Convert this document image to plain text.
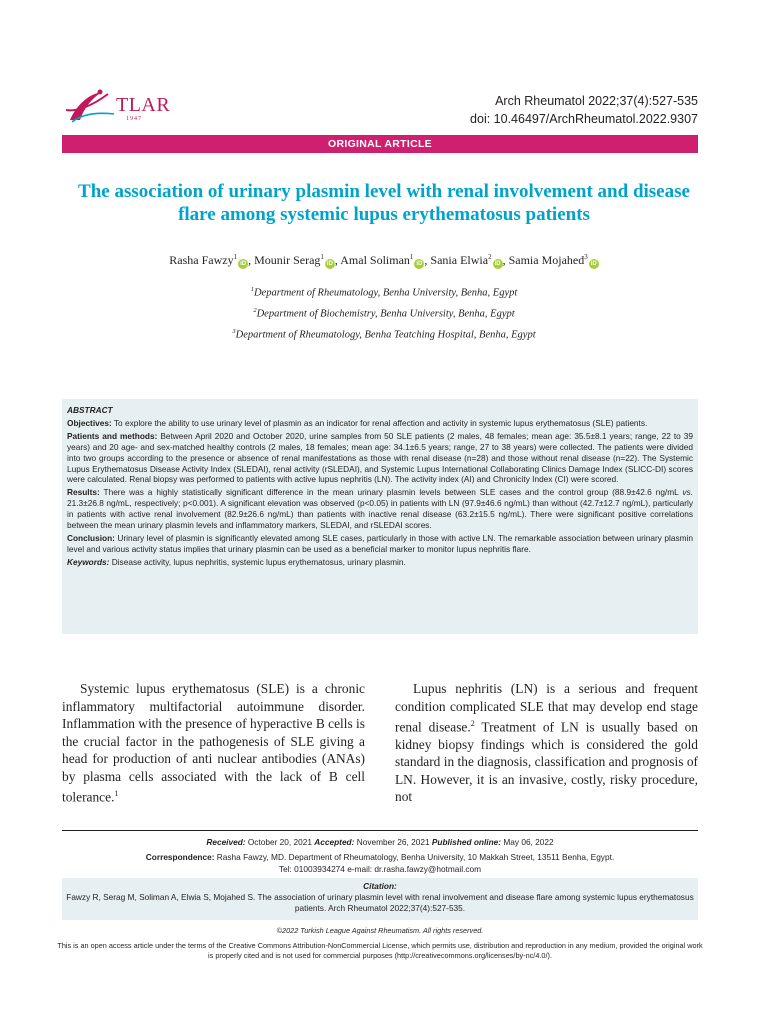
TLAR
1947
Arch Rheumatol 2022;37(4):527-535
doi: 10.46497/ArchRheumatol.2022.9307
ORIGINAL ARTICLE
The association of urinary plasmin level with renal involvement and disease flare among systemic lupus erythematosus patients
Rasha Fawzy$^1$iD , Mounir Serag$^1$iD , Amal Soliman$^1$iD , Sania Elwia$^2$iD , Samia Mojahed$^3$iD
$^1$Department of Rheumatology, Benha University, Benha, Egypt
$^2$Department of Biochemistry, Benha University, Benha, Egypt
$^3$Department of Rheumatology, Benha Teatching Hospital, Benha, Egypt
ABSTRACT

Objectives: To explore the ability to use urinary level of plasmin as an indicator for renal affection and activity in systemic lupus erythematosus (SLE) patients.

Patients and methods: Between April 2020 and October 2020, urine samples from 50 SLE patients (2 males, 48 females; mean age: 35.5±8.1 years; range, 22 to 39 years) and 20 age- and sex-matched healthy controls (2 males, 18 females; mean age: 34.1±6.5 years; range, 27 to 38 years) were collected. The patients were divided into two groups according to the presence or absence of renal manifestations as those with renal disease (n=28) and those without renal disease (n=22). The Systemic Lupus Erythematosus Disease Activity Index (SLEDAI), renal activity (rSLEDAI), and Systemic Lupus International Collaborating Clinics Damage Index (SLICC-DI) scores were calculated. Renal biopsy was performed to patients with active lupus nephritis (LN). The activity index (AI) and Chronicity Index (CI) were scored.

Results: There was a highly statistically significant difference in the mean urinary plasmin levels between SLE cases and the control group (88.9±42.6 ng/mL vs. 21.3±26.8 ng/mL, respectively; p<0.001). A significant elevation was observed (p<0.05) in patients with LN (97.9±46.6 ng/mL) than without (42.7±12.7 ng/mL), particularly in patients with active renal involvement (82.9±26.6 ng/mL) than patients with inactive renal disease (63.2±15.5 ng/mL). There were significant positive correlations between the mean urinary plasmin levels and inflammatory markers, SLEDAI, and rSLEDAI scores.

Conclusion: Urinary level of plasmin is significantly elevated among SLE cases, particularly in those with active LN. The remarkable association between urinary plasmin level and various activity status implies that urinary plasmin can be used as a beneficial marker to monitor lupus nephritis flare.

Keywords: Disease activity, lupus nephritis, systemic lupus erythematosus, urinary plasmin.

Systemic lupus erythematosus (SLE) is a chronic inflammatory multifactorial autoimmune disorder. Inflammation with the presence of hyperactive B cells is the crucial factor in the pathogenesis of SLE giving a head for production of anti nuclear antibodies (ANAs) by plasma cells associated with the lack of B cell tolerance.$^1$

Lupus nephritis (LN) is a serious and frequent condition complicated SLE that may develop end stage renal disease.$^2$ Treatment of LN is usually based on kidney biopsy findings which is considered the gold standard in the diagnosis, classification and prognosis of LN. However, it is an invasive, costly, risky procedure, not

Received: October 20, 2021 Accepted: November 26, 2021 Published online: May 06, 2022
Correspondence: Rasha Fawzy, MD. Department of Rheumatology, Benha University, 10 Makkah Street, 13511 Benha, Egypt.
Tel: 01003934274 e-mail: dr.rasha.fawzy@hotmail.com
Citation:
Fawzy R, Serag M, Soliman A, Elwia S, Mojahed S. The association of urinary plasmin level with renal involvement and disease flare among systemic lupus erythematosus patients. Arch Rheumatol 2022;37(4):527-535.
©2022 Turkish League Against Rheumatism. All rights reserved.
This is an open access article under the terms of the Creative Commons Attribution-NonCommercial License, which permits use, distribution and reproduction in any medium, provided the original work is properly cited and is not used for commercial purposes (http://creativecommons.org/licenses/by-nc/4.0/).
